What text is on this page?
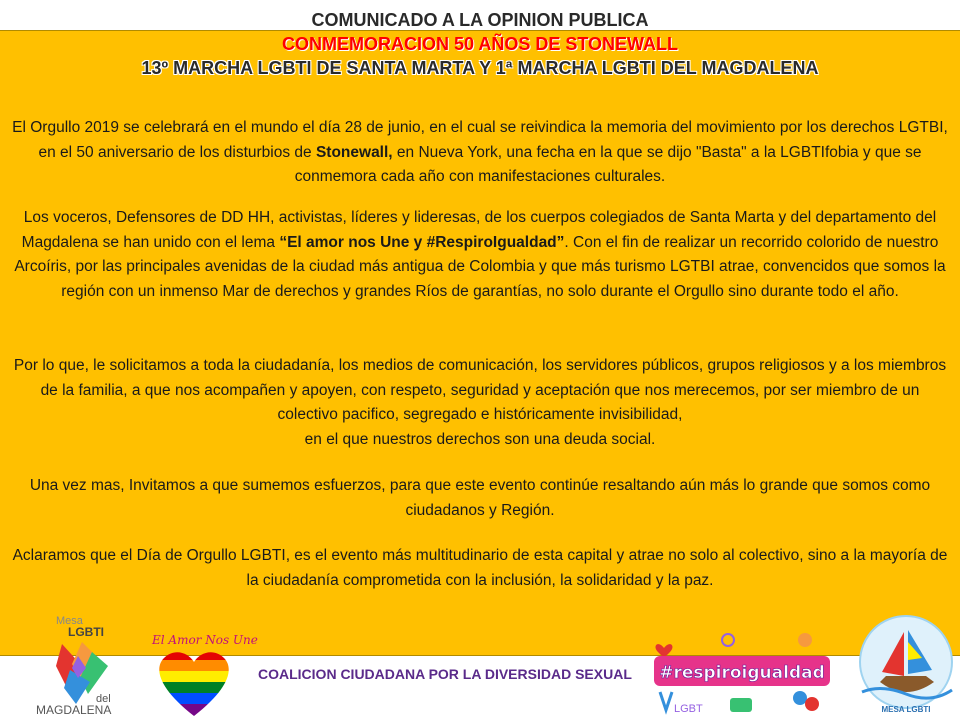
COMUNICADO A LA OPINION PUBLICA
CONMEMORACION 50 AÑOS DE STONEWALL
13º MARCHA LGBTI DE SANTA MARTA Y 1ª MARCHA LGBTI DEL MAGDALENA
El Orgullo 2019 se celebrará en el mundo el día 28 de junio, en el cual se reivindica la memoria del movimiento por los derechos LGTBI, en el 50 aniversario de los disturbios de Stonewall, en Nueva York, una fecha en la que se dijo "Basta" a la LGBTIfobia y que se conmemora cada año con manifestaciones culturales.
Los voceros, Defensores de DD HH, activistas, líderes y lideresas, de los cuerpos colegiados de Santa Marta y del departamento del Magdalena se han unido con el lema “El amor nos Une y #RespiroIgualdad”. Con el fin de realizar un recorrido colorido de nuestro Arcoíris, por las principales avenidas de la ciudad más antigua de Colombia y que más turismo LGTBI atrae, convencidos que somos la región con un inmenso Mar de derechos y grandes Ríos de garantías, no solo durante el Orgullo sino durante todo el año.
Por lo que, le solicitamos a toda la ciudadanía, los medios de comunicación, los servidores públicos, grupos religiosos y a los miembros de la familia, a que nos acompañen y apoyen, con respeto, seguridad y aceptación que nos merecemos, por ser miembro de un colectivo pacifico, segregado e históricamente invisibilidad,
en el que nuestros derechos son una deuda social.
Una vez mas, Invitamos a que sumemos esfuerzos, para que este evento continúe resaltando aún más lo grande que somos como ciudadanos y Región.
Aclaramos que el Día de Orgullo LGBTI, es el evento más multitudinario de esta capital y atrae no solo al colectivo, sino a la mayoría de la ciudadanía comprometida con la inclusión, la solidaridad y la paz.
Mesa
LGBTI
del
MAGDALENA
El Amor Nos Une
COALICION CIUDADANA POR LA DIVERSIDAD SEXUAL #respiroigualdad
LGBT	MESA LGBTI
